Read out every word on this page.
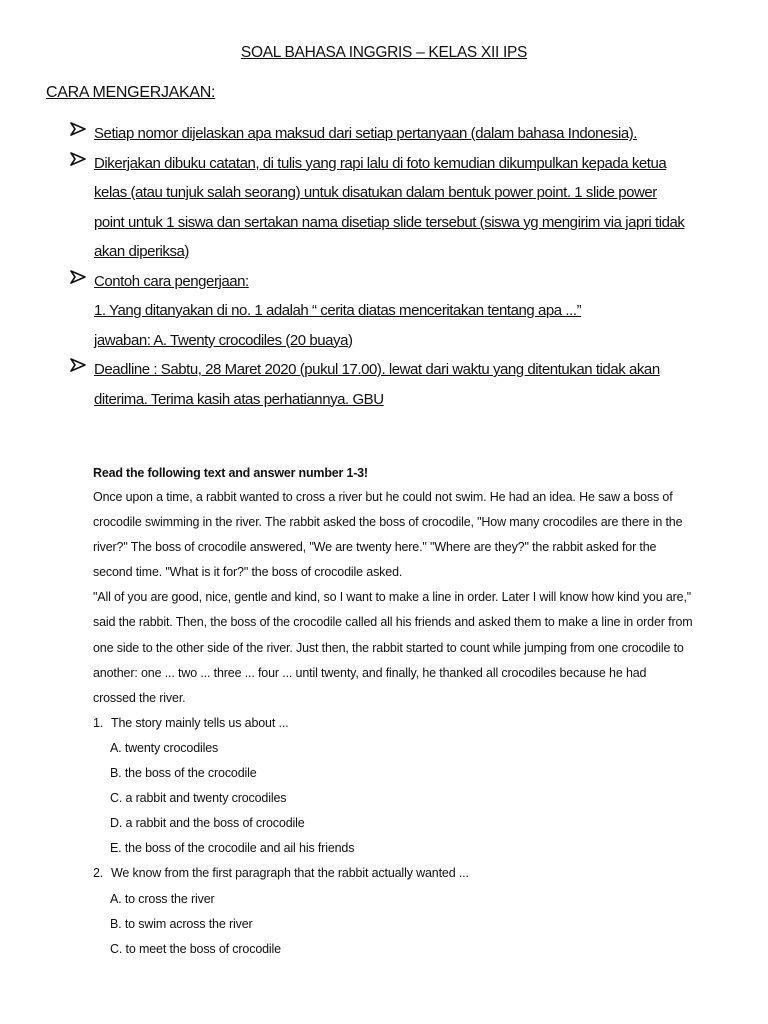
SOAL BAHASA INGGRIS – KELAS XII IPS
CARA MENGERJAKAN:
Setiap nomor dijelaskan apa maksud dari setiap pertanyaan (dalam bahasa Indonesia).
Dikerjakan dibuku catatan, di tulis yang rapi lalu di foto kemudian dikumpulkan kepada ketua
kelas (atau tunjuk salah seorang) untuk disatukan dalam bentuk power point. 1 slide power
point untuk 1 siswa dan sertakan nama disetiap slide tersebut (siswa yg mengirim via japri tidak
akan diperiksa)
Contoh cara pengerjaan:
1. Yang ditanyakan di no. 1 adalah “ cerita diatas menceritakan tentang apa ...”
jawaban: A. Twenty crocodiles (20 buaya)
Deadline : Sabtu, 28 Maret 2020 (pukul 17.00). lewat dari waktu yang ditentukan tidak akan
diterima. Terima kasih atas perhatiannya. GBU
Read the following text and answer number 1-3!
Once upon a time, a rabbit wanted to cross a river but he could not swim. He had an idea. He saw a boss of
crocodile swimming in the river. The rabbit asked the boss of crocodile, "How many crocodiles are there in the
river?" The boss of crocodile answered, "We are twenty here." "Where are they?" the rabbit asked for the
second time. "What is it for?" the boss of crocodile asked.
"All of you are good, nice, gentle and kind, so I want to make a line in order. Later I will know how kind you are,"
said the rabbit. Then, the boss of the crocodile called all his friends and asked them to make a line in order from
one side to the other side of the river. Just then, the rabbit started to count while jumping from one crocodile to
another: one ... two ... three ... four ... until twenty, and finally, he thanked all crocodiles because he had
crossed the river.
1. The story mainly tells us about ...
A. twenty crocodiles
B. the boss of the crocodile
C. a rabbit and twenty crocodiles
D. a rabbit and the boss of crocodile
E. the boss of the crocodile and ail his friends
2. We know from the first paragraph that the rabbit actually wanted ...
A. to cross the river
B. to swim across the river
C. to meet the boss of crocodile
